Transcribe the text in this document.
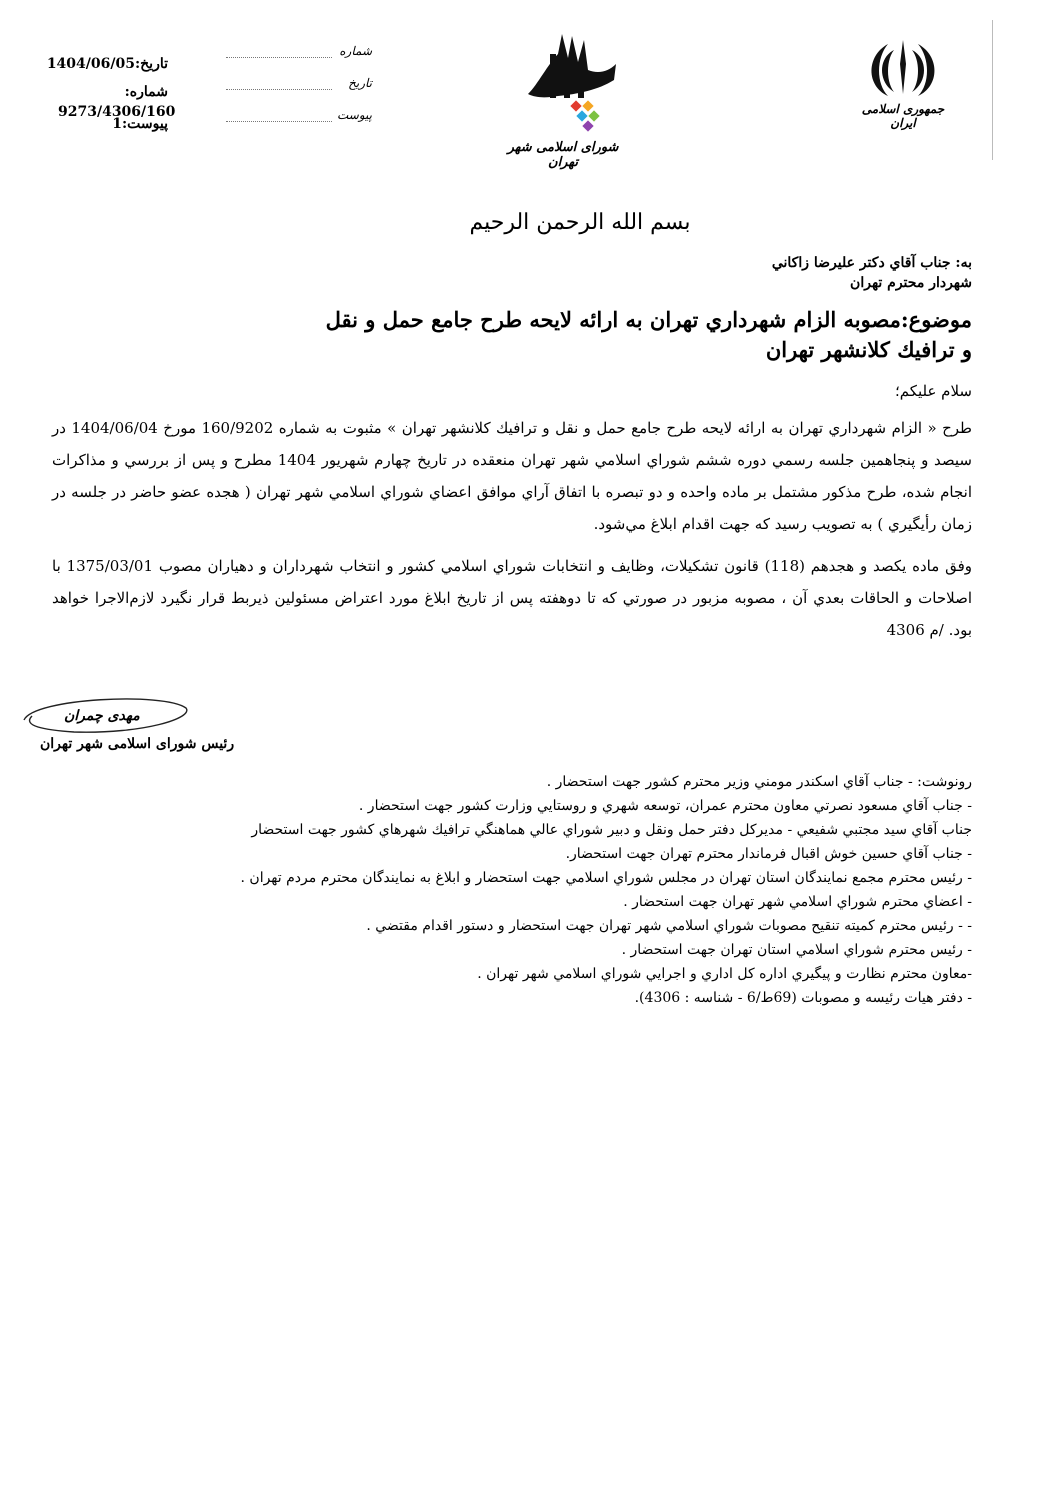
تاریخ:1404/06/05
شماره:
9273/4306/160
پیوست:1
شماره
تاریخ
پیوست
شورای اسلامی شهر تهران
جمهوری اسلامی ایران
بسم الله الرحمن الرحیم
به: جناب آقاي دکتر عليرضا زاکاني
شهردار محترم تهران
موضوع:مصوبه الزام شهرداري تهران به ارائه لايحه طرح جامع حمل و نقل
و ترافيك كلانشهر تهران
سلام عليکم؛
طرح « الزام شهرداري تهران به ارائه لايحه طرح جامع حمل و نقل و ترافيك كلانشهر تهران » مثبوت به شماره 160/9202 مورخ 1404/06/04 در سيصد و پنجاهمين جلسه رسمي دوره ششم شوراي اسلامي شهر تهران منعقده در تاريخ چهارم شهريور 1404 مطرح و پس از بررسي و مذاكرات انجام شده، طرح مذكور مشتمل بر ماده واحده و دو تبصره با اتفاق آراي موافق اعضاي شوراي اسلامي شهر تهران ( هجده عضو حاضر در جلسه در زمان رأيگيري ) به تصويب رسيد كه جهت اقدام ابلاغ مي‌شود.
وفق ماده يكصد و هجدهم (118) قانون تشكيلات، وظايف و انتخابات شوراي اسلامي كشور و انتخاب شهرداران و دهياران مصوب 1375/03/01 با اصلاحات و الحاقات بعدي آن ، مصوبه مزبور در صورتي كه تا دوهفته پس از تاريخ ابلاغ مورد اعتراض مسئولين ذيربط قرار نگيرد لازم‌الاجرا خواهد بود. /م 4306
مهدی چمران
رئیس شورای اسلامی شهر تهران
رونوشت: - جناب آقاي اسکندر مومني وزير محترم کشور جهت استحضار .
- جناب آقاي مسعود نصرتي معاون محترم عمران، توسعه شهري و روستايي وزارت کشور جهت استحضار .
جناب آقاي سيد مجتبي شفيعي - مديرکل دفتر حمل ونقل و دبير شوراي عالي هماهنگي ترافيك شهرهاي کشور جهت استحضار
- جناب آقاي حسين خوش اقبال فرماندار محترم تهران جهت استحضار.
- رئيس محترم مجمع نمايندگان استان تهران در مجلس شوراي اسلامي جهت استحضار و ابلاغ به نمايندگان محترم مردم تهران .
- اعضاي محترم شوراي اسلامي شهر تهران جهت استحضار .
- - رئيس محترم کميته تنقيح مصوبات شوراي اسلامي شهر تهران جهت استحضار و دستور اقدام مقتضي .
- رئيس محترم شوراي اسلامي استان تهران جهت استحضار .
-معاون محترم نظارت و پيگيري اداره کل اداري و اجرايي شوراي اسلامي شهر تهران .
- دفتر هيات رئيسه و مصوبات (69ط/6 - شناسه : 4306).
